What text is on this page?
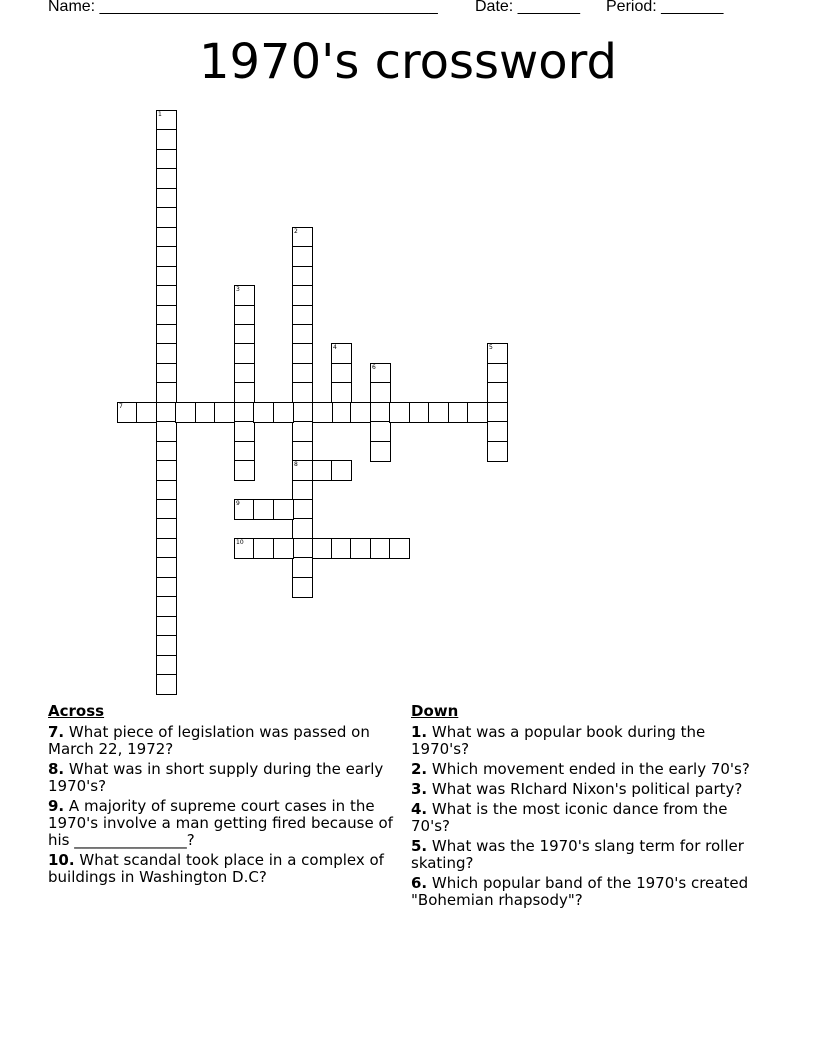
Name: ______________________________________ Date: _______ Period: _______
1970's crossword
1
2
8
3
4	5
6
7
9
10
Across
7. What piece of legislation was passed on March 22, 1972?
8. What was in short supply during the early 1970's?
9. A majority of supreme court cases in the 1970's involve a man getting fired because of his _______________?
10. What scandal took place in a complex of buildings in Washington D.C?
Down
1. What was a popular book during the 1970's?
2. Which movement ended in the early 70's?
3. What was RIchard Nixon's political party?
4. What is the most iconic dance from the 70's?
5. What was the 1970's slang term for roller skating?
6. Which popular band of the 1970's created "Bohemian rhapsody"?
